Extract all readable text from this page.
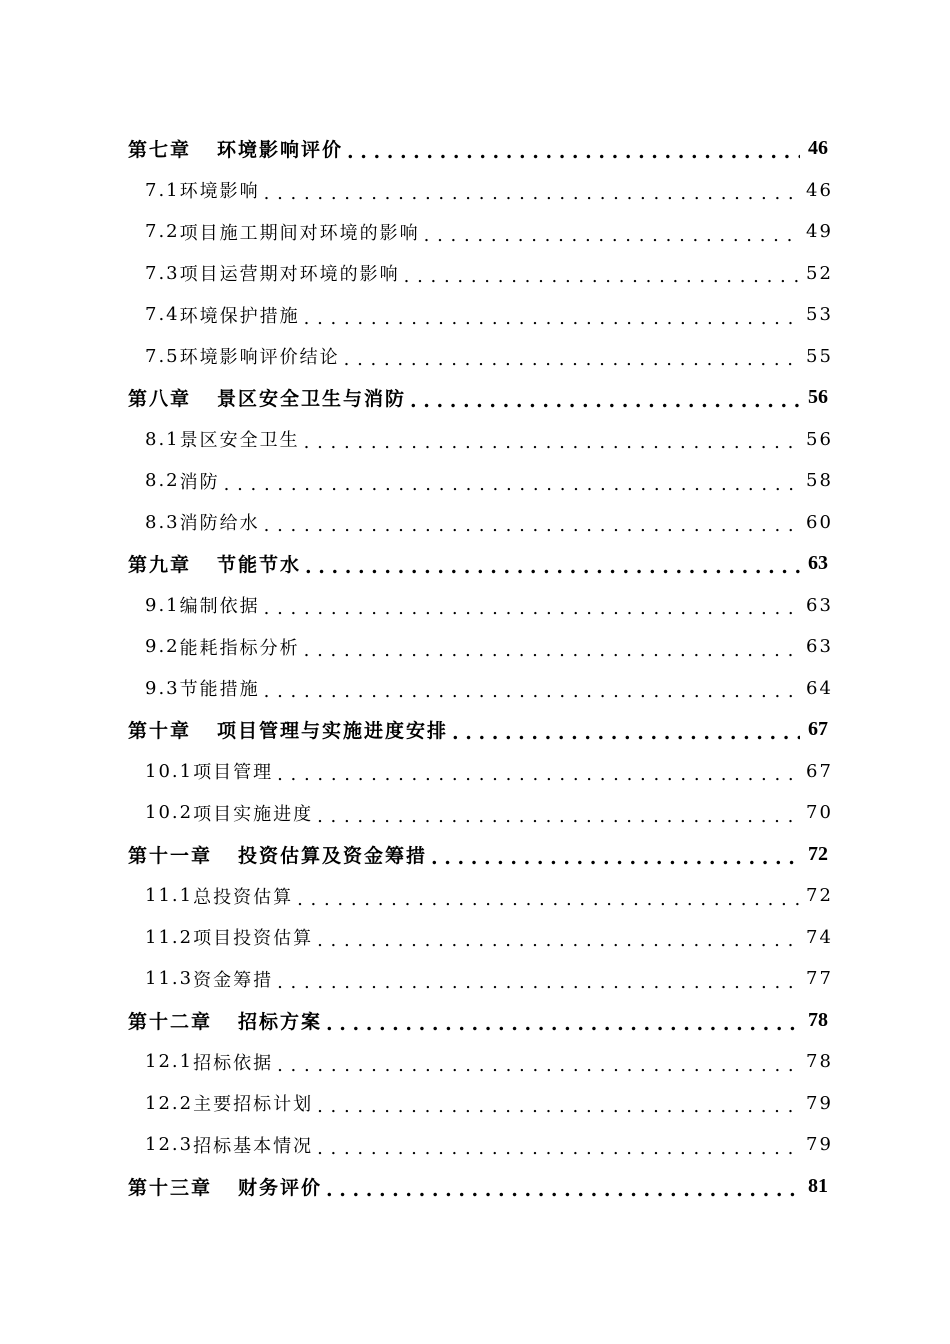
第七章 环境影响评价 . . .	46
7.1 环境影响 . . .	46
7.2 项目施工期间对环境的影响 . . .	49
7.3 项目运营期对环境的影响 . . .	52
7.4 环境保护措施 . . .	53
7.5 环境影响评价结论 . . .	55
第八章 景区安全卫生与消防 . . .	56
8.1 景区安全卫生 . . .	56
8.2 消防 . . .	58
8.3 消防给水 . . .	60
第九章 节能节水 . . .	63
9.1 编制依据 . . .	63
9.2 能耗指标分析 . . .	63
9.3 节能措施 . . .	64
第十章 项目管理与实施进度安排 . . .	67
10.1 项目管理 . . .	67
10.2 项目实施进度 . . .	70
第十一章 投资估算及资金筹措 . . .	72
11.1 总投资估算 . . .	72
11.2 项目投资估算 . . .	74
11.3 资金筹措 . . .	77
第十二章 招标方案 . . .	78
12.1 招标依据 . . .	78
12.2 主要招标计划 . . .	79
12.3 招标基本情况 . . .	79
第十三章 财务评价 . . .	81
